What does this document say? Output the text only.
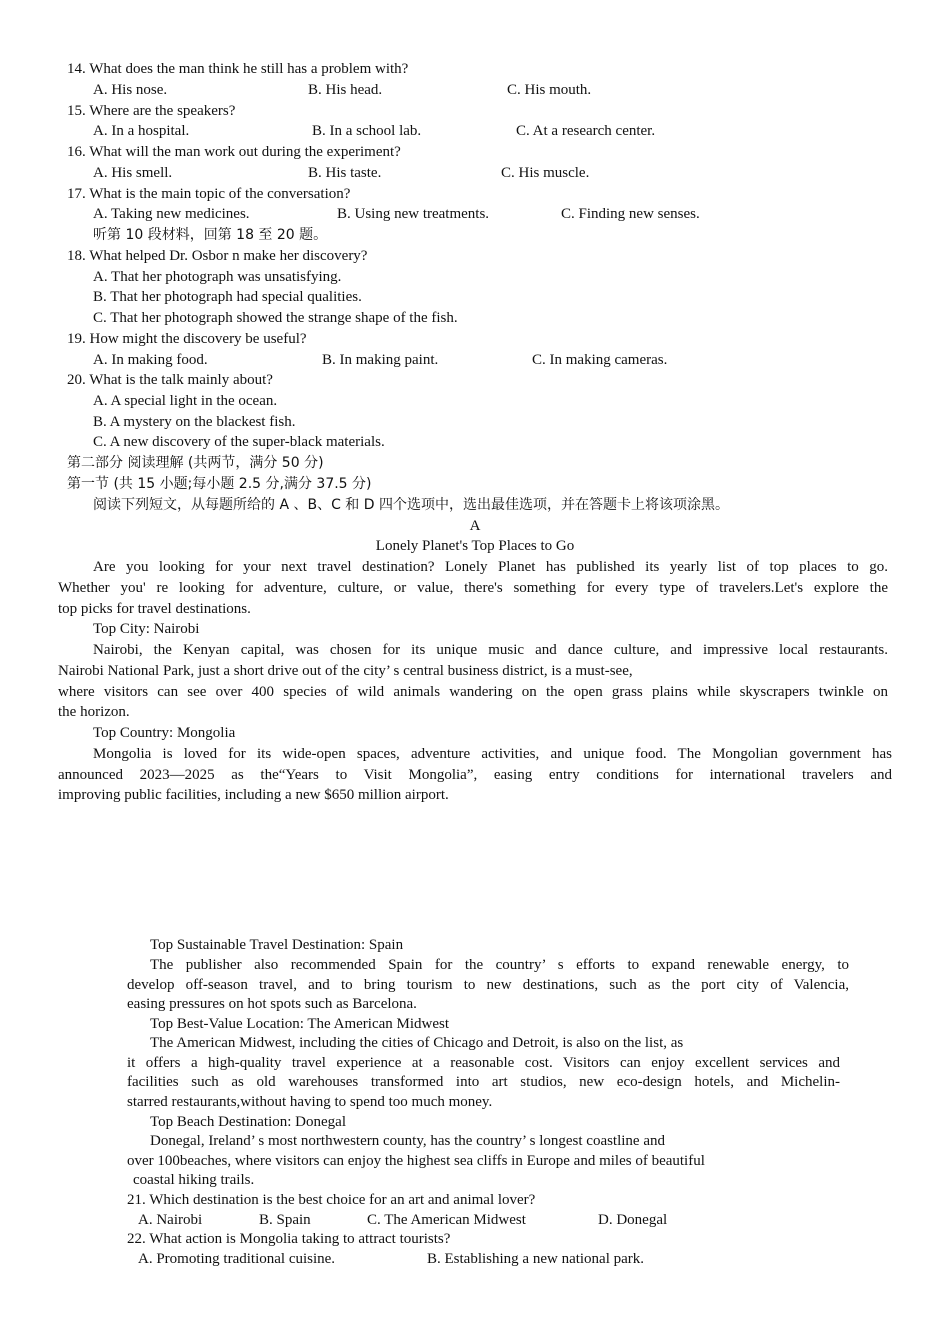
14. What does the man think he still has a problem with?
A. His nose.	B. His head.	C. His mouth.
15. Where are the speakers?
A. In a hospital.	B. In a school lab.	C. At a research center.
16. What will the man work out during the experiment?
A. His smell.	B. His taste.	C. His muscle.
17. What is the main topic of the conversation?
A. Taking new medicines.	B. Using new treatments.	C. Finding new senses.
听第 10 段材料，回第 18 至 20 题。
18. What helped Dr. Osbor n make her discovery?
A. That her photograph was unsatisfying.
B. That her photograph had special qualities.
C. That her photograph showed the strange shape of the fish.
19. How might the discovery be useful?
A. In making food.	B. In making paint.	C. In making cameras.
20. What is the talk mainly about?
A. A special light in the ocean.
B. A mystery on the blackest fish.
C. A new discovery of the super-black materials.
第二部分 阅读理解 (共两节，满分 50 分)
第一节 (共 15 小题;每小题 2.5 分,满分 37.5 分)
阅读下列短文，从每题所给的 A 、B、C 和 D 四个选项中，选出最佳选项，并在答题卡上将该项涂黑。
A
Lonely Planet's Top Places to Go
Are you looking for your next travel destination? Lonely Planet has published its yearly list of top places to go.
Whether you' re looking for adventure, culture, or value, there's something for every type of travelers.Let's explore the
top picks for travel destinations.
Top City: Nairobi
Nairobi, the Kenyan capital, was chosen for its unique music and dance culture, and impressive local restaurants.
Nairobi National Park, just a short drive out of the city’ s central business district, is a must-see,
where visitors can see over 400 species of wild animals wandering on the open grass plains while skyscrapers twinkle on
the horizon.
Top Country: Mongolia
Mongolia is loved for its wide-open spaces, adventure activities, and unique food. The Mongolian government has
announced 2023—2025 as the“Years to Visit Mongolia”, easing entry conditions for international travelers and
improving public facilities, including a new $650 million airport.
Top Sustainable Travel Destination: Spain
The publisher also recommended Spain for the country’ s efforts to expand renewable energy, to
develop off-season travel, and to bring tourism to new destinations, such as the port city of Valencia,
easing pressures on hot spots such as Barcelona.
Top Best-Value Location: The American Midwest
The American Midwest, including the cities of Chicago and Detroit, is also on the list, as
it offers a high-quality travel experience at a reasonable cost. Visitors can enjoy excellent services and
facilities such as old warehouses transformed into art studios, new eco-design hotels, and Michelin-
starred restaurants,without having to spend too much money.
Top Beach Destination: Donegal
Donegal, Ireland’ s most northwestern county, has the country’ s longest coastline and
over 100beaches, where visitors can enjoy the highest sea cliffs in Europe and miles of beautiful
coastal hiking trails.
21. Which destination is the best choice for an art and animal lover?
A. Nairobi	B. Spain	C. The American Midwest	D. Donegal
22. What action is Mongolia taking to attract tourists?
A. Promoting traditional cuisine.	B. Establishing a new national park.
